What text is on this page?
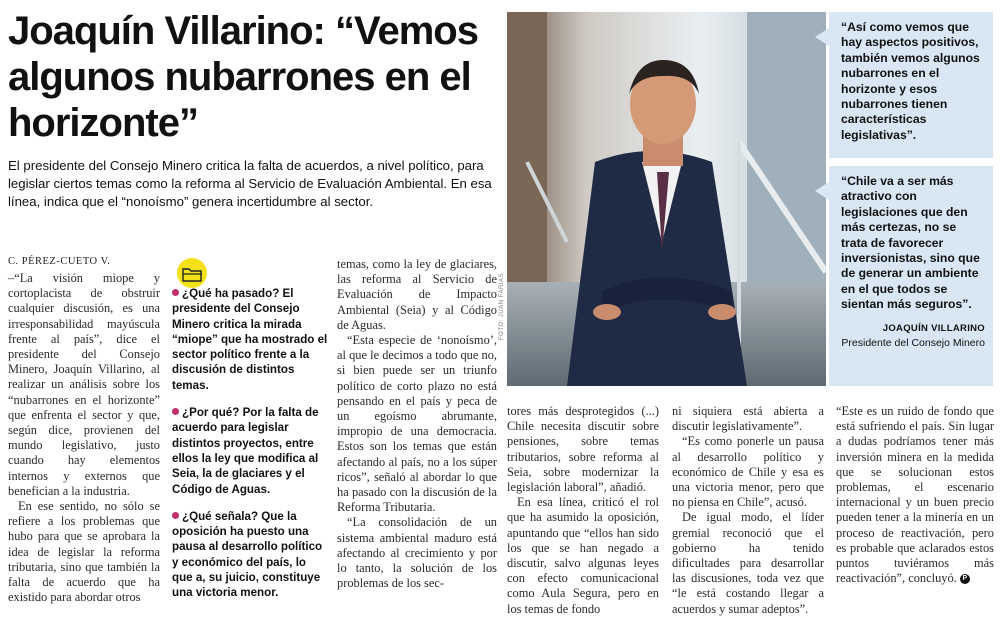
Joaquín Villarino: “Vemos algunos nubarrones en el horizonte”

El presidente del Consejo Minero critica la falta de acuerdos, a nivel político, para legislar ciertos temas como la reforma al Servicio de Evaluación Ambiental. En esa línea, indica que el “nonoísmo” genera incertidumbre al sector.

FOTO: JUAN FARIAS
“Así como vemos que hay aspectos positivos, también vemos algunos nubarrones en el horizonte y esos nubarrones tienen características legislativas”.
“Chile va a ser más atractivo con legislaciones que den más certezas, no se trata de favorecer inversionistas, sino que de generar un ambiente en el que todos se sientan más seguros”.
JOAQUÍN VILLARINO
Presidente del Consejo Minero
C. PÉREZ-CUETO V.

–“La visión miope y cortoplacista de obstruir cualquier discusión, es una irresponsabilidad mayúscula frente al país”, dice el presidente del Consejo Minero, Joaquín Villarino, al realizar un análisis sobre los “nubarrones en el horizonte” que enfrenta el sector y que, según dice, provienen del mundo legislativo, justo cuando hay elementos internos y externos que benefician a la industria.

En ese sentido, no sólo se refiere a los problemas que hubo para que se aprobara la idea de legislar la reforma tributaria, sino que también la falta de acuerdo que ha existido para abordar otros

¿Qué ha pasado? El presidente del Consejo Minero critica la mirada “miope” que ha mostrado el sector político frente a la discusión de distintos temas.
¿Por qué? Por la falta de acuerdo para legislar distintos proyectos, entre ellos la ley que modifica al Seia, la de glaciares y el Código de Aguas.
¿Qué señala? Que la oposición ha puesto una pausa al desarrollo político y económico del país, lo que a, su juicio, constituye una victoria menor.

temas, como la ley de glaciares, las reforma al Servicio de Evaluación de Impacto Ambiental (Seia) y al Código de Aguas.

“Esta especie de ‘nonoísmo’, al que le decimos a todo que no, si bien puede ser un triunfo político de corto plazo no está pensando en el país y peca de un egoísmo abrumante, impropio de una democracia. Estos son los temas que están afectando al país, no a los súper ricos”, señaló al abordar lo que ha pasado con la discusión de la Reforma Tributaria.

“La consolidación de un sistema ambiental maduro está afectando al crecimiento y por lo tanto, la solución de los problemas de los sec-

tores más desprotegidos (...) Chile necesita discutir sobre pensiones, sobre temas tributarios, sobre reforma al Seia, sobre modernizar la legislación laboral”, añadió.

En esa línea, criticó el rol que ha asumido la oposición, apuntando que “ellos han sido los que se han negado a discutir, salvo algunas leyes con efecto comunicacional como Aula Segura, pero en los temas de fondo

ni siquiera está abierta a discutir legislativamente”.

“Es como ponerle un pausa al desarrollo político y económico de Chile y esa es una victoria menor, pero que no piensa en Chile”, acusó.

De igual modo, el líder gremial reconoció que el gobierno ha tenido dificultades para desarrollar las discusiones, toda vez que “le está costando llegar a acuerdos y sumar adeptos”.

“Este es un ruido de fondo que está sufriendo el país. Sin lugar a dudas podríamos tener más inversión minera en la medida que se solucionan estos problemas, el escenario internacional y un buen precio pueden tener a la minería en un proceso de reactivación, pero es probable que aclarados estos puntos tuviéramos más reactivación”, concluyó. P
